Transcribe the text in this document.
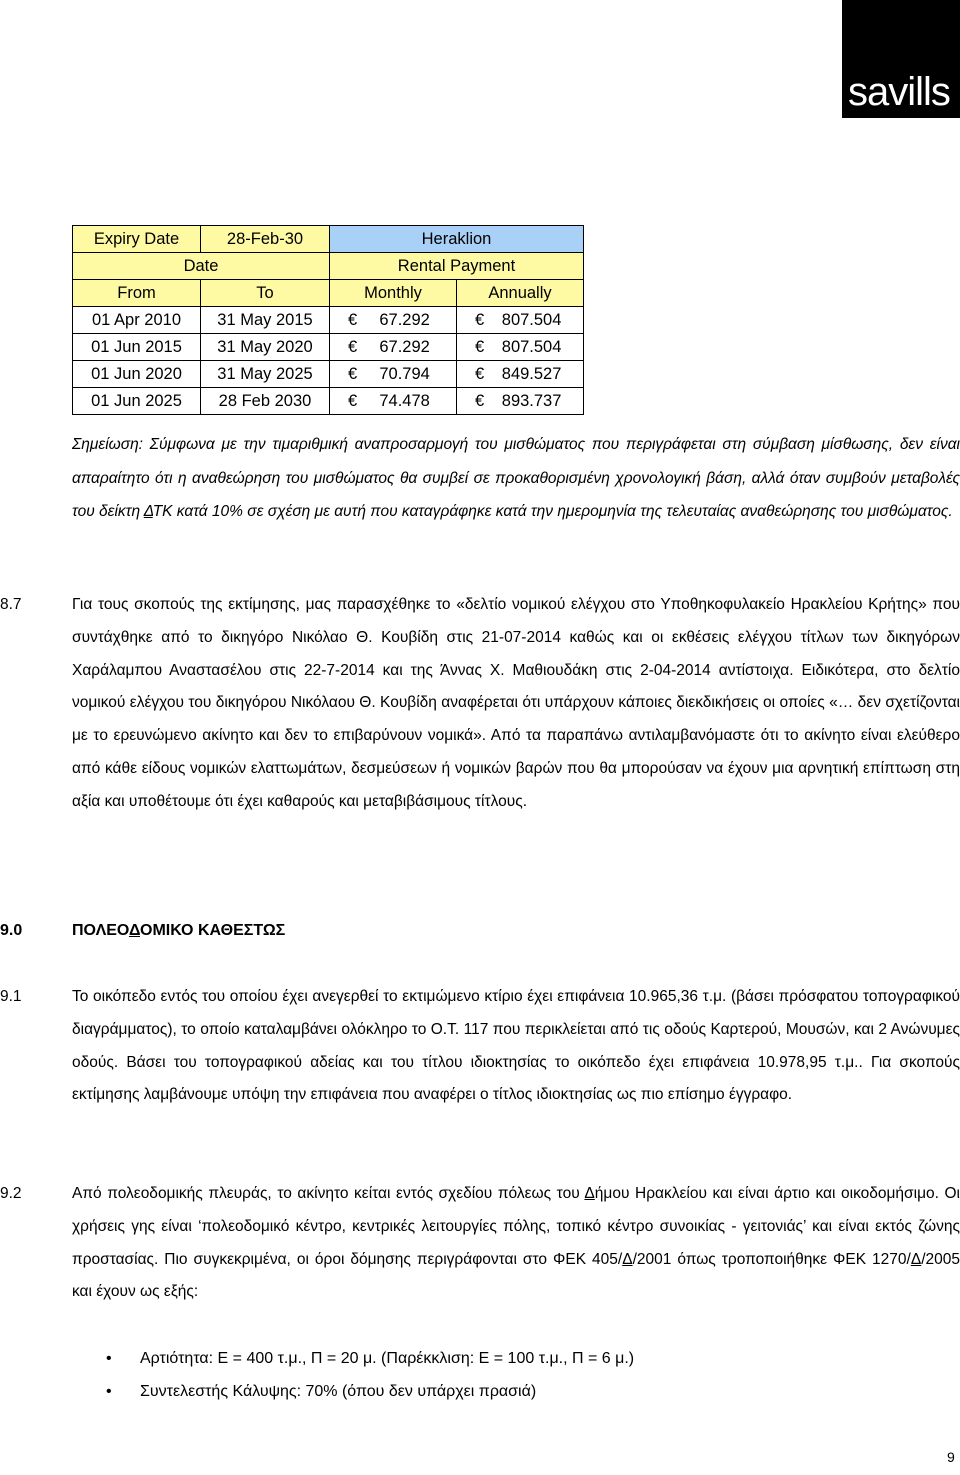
savills
Expiry Date	28-Feb-30	Heraklion	
Date		Rental Payment	
From	To	Monthly	Annually
01 Apr 2010	31 May 2015	€ 67.292	€ 807.504
01 Jun 2015	31 May 2020	€ 67.292	€ 807.504
01 Jun 2020	31 May 2025	€ 70.794	€ 849.527
01 Jun 2025	28 Feb 2030	€ 74.478	€ 893.737

Σημείωση: Σύμφωνα με την τιμαριθμική αναπροσαρμογή του μισθώματος που περιγράφεται στη σύμβαση μίσθωσης, δεν είναι απαραίτητο ότι η αναθεώρηση του μισθώματος θα συμβεί σε προκαθορισμένη χρονολογική βάση, αλλά όταν συμβούν μεταβολές του δείκτη ΔΤΚ κατά 10% σε σχέση με αυτή που καταγράφηκε κατά την ημερομηνία της τελευταίας αναθεώρησης του μισθώματος.

8.7	Για τους σκοπούς της εκτίμησης, μας παρασχέθηκε το «δελτίο νομικού ελέγχου στο Υποθηκοφυλακείο Ηρακλείου Κρήτης» που συντάχθηκε από το δικηγόρο Νικόλαο Θ. Κουβίδη στις 21-07-2014 καθώς και οι εκθέσεις ελέγχου τίτλων των δικηγόρων Χαράλαμπου Αναστασέλου στις 22-7-2014 και της Άννας Χ. Μαθιουδάκη στις 2-04-2014 αντίστοιχα. Ειδικότερα, στο δελτίο νομικού ελέγχου του δικηγόρου Νικόλαου Θ. Κουβίδη αναφέρεται ότι υπάρχουν κάποιες διεκδικήσεις οι οποίες «… δεν σχετίζονται με το ερευνώμενο ακίνητο και δεν το επιβαρύνουν νομικά». Από τα παραπάνω αντιλαμβανόμαστε ότι το ακίνητο είναι ελεύθερο από κάθε είδους νομικών ελαττωμάτων, δεσμεύσεων ή νομικών βαρών που θα μπορούσαν να έχουν μια αρνητική επίπτωση στη αξία και υποθέτουμε ότι έχει καθαρούς και μεταβιβάσιμους τίτλους.

9.0	ΠΟΛΕΟΔΟΜΙΚΟ ΚΑΘΕΣΤΩΣ
9.1	Το οικόπεδο εντός του οποίου έχει ανεγερθεί το εκτιμώμενο κτίριο έχει επιφάνεια 10.965,36 τ.μ. (βάσει πρόσφατου τοπογραφικού διαγράμματος), το οποίο καταλαμβάνει ολόκληρο το Ο.Τ. 117 που περικλείεται από τις οδούς Καρτερού, Μουσών, και 2 Ανώνυμες οδούς. Βάσει του τοπογραφικού αδείας και του τίτλου ιδιοκτησίας το οικόπεδο έχει επιφάνεια 10.978,95 τ.μ.. Για σκοπούς εκτίμησης λαμβάνουμε υπόψη την επιφάνεια που αναφέρει ο τίτλος ιδιοκτησίας ως πιο επίσημο έγγραφο.

9.2	Από πολεοδομικής πλευράς, το ακίνητο κείται εντός σχεδίου πόλεως του Δήμου Ηρακλείου και είναι άρτιο και οικοδομήσιμο. Οι χρήσεις γης είναι ‘πολεοδομικό κέντρο, κεντρικές λειτουργίες πόλης, τοπικό κέντρο συνοικίας - γειτονιάς’ και είναι εκτός ζώνης προστασίας. Πιο συγκεκριμένα, οι όροι δόμησης περιγράφονται στο ΦΕΚ 405/Δ/2001 όπως τροποποιήθηκε ΦΕΚ 1270/Δ/2005 και έχουν ως εξής:

• Αρτιότητα: Ε = 400 τ.μ., Π = 20 μ. (Παρέκκλιση: Ε = 100 τ.μ., Π = 6 μ.)
• Συντελεστής Κάλυψης: 70% (όπου δεν υπάρχει πρασιά)
9
